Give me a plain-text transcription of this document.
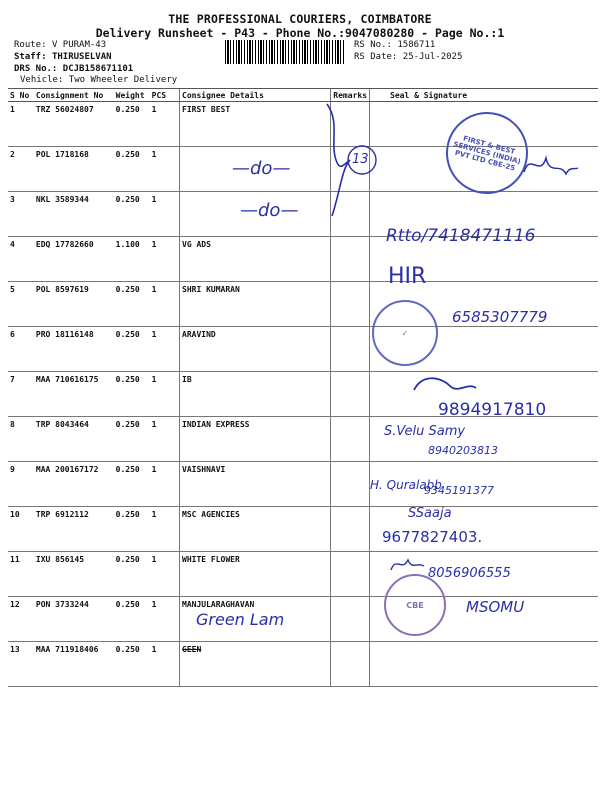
THE PROFESSIONAL COURIERS, COIMBATORE
Delivery Runsheet - P43 - Phone No.:9047080280 - Page No.:1
Route: V PURAM-43
Staff: THIRUSELVAN
DRS No.: DCJB158671101
Vehicle: Two Wheeler Delivery
RS No.: 1586711
RS Date: 25-Jul-2025
S No	Consignment No	Weight	PCS	Consignee Details	Remarks	Seal & Signature
1	TRZ 56024807	0.250	1	FIRST BEST		
2	POL 1718168	0.250	1			
3	NKL 3589344	0.250	1			
4	EDQ 17782660	1.100	1	VG ADS		
5	POL 8597619	0.250	1	SHRI KUMARAN		
6	PRO 18116148	0.250	1	ARAVIND		
7	MAA 710616175	0.250	1	IB		
8	TRP 8043464	0.250	1	INDIAN EXPRESS		
9	MAA 200167172	0.250	1	VAISHNAVI		
10	TRP 6912112	0.250	1	MSC AGENCIES		
11	IXU 856145	0.250	1	WHITE FLOWER		
12	PON 3733244	0.250	1	MANJULARAGHAVAN		
13	MAA 711918406	0.250	1	GEEN		
—do—
—do—
13
FIRST & BEST SERVICES (INDIA) PVT LTD CBE-25
Rtto/7418471116
HIR
✓
6585307779
9894917810
S.Velu Samy
8940203813
H. Quralabb
9345191377
SSaaja
9677827403.
8056906555
CBE
Green Lam
MSOMU
